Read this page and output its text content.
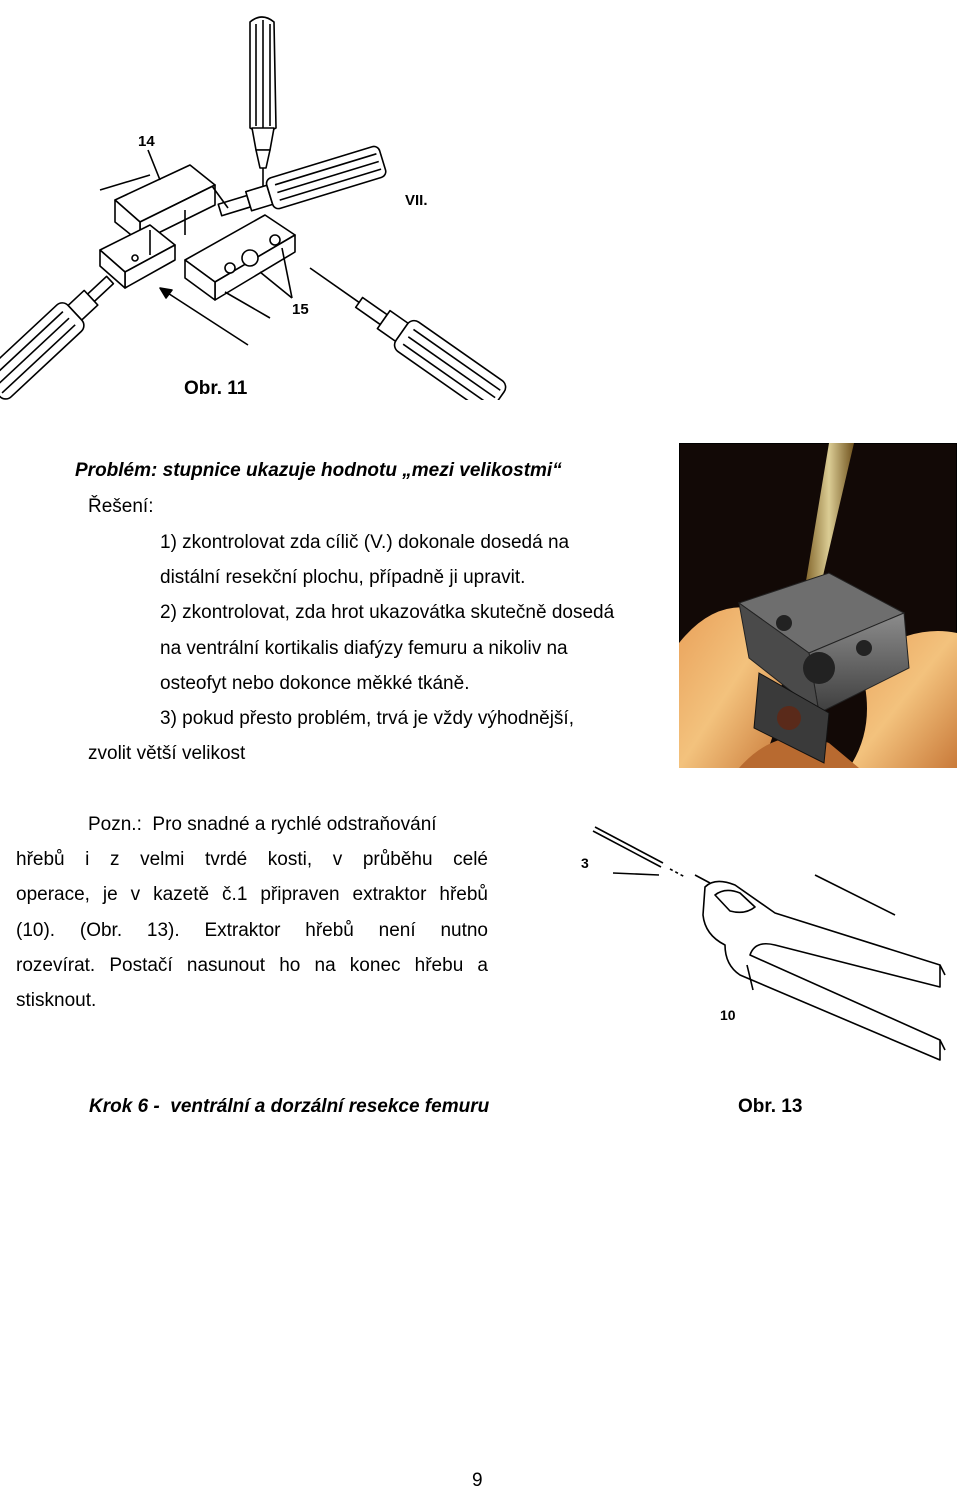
14
VII.
15
Obr. 11
Problém: stupnice ukazuje hodnotu „mezi velikostmi“
Řešení:
1) zkontrolovat zda cílič (V.) dokonale dosedá na
distální resekční plochu, případně ji upravit.
2) zkontrolovat, zda hrot ukazovátka skutečně dosedá
na ventrální kortikalis diafýzy femuru a nikoliv na
osteofyt nebo dokonce měkké tkáně.
3) pokud přesto problém, trvá je vždy výhodnější,
zvolit větší velikost
Pozn.:  Pro snadné a rychlé odstraňování
hřebů i z velmi tvrdé kosti, v průběhu celé
operace, je v kazetě č.1 připraven extraktor hřebů
(10). (Obr. 13). Extraktor hřebů není nutno
rozevírat. Postačí nasunout ho na konec hřebu a
stisknout.
3
10
Krok 6 -  ventrální a dorzální resekce femuru	Obr. 13
9
